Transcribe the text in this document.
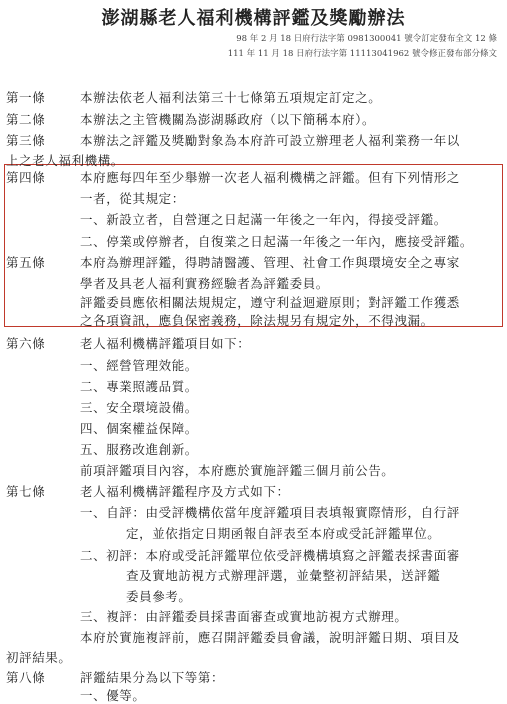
澎湖縣老人福利機構評鑑及獎勵辦法
98 年 2 月 18 日府行法字第 0981300041 號令訂定發布全文 12 條
111 年 11 月 18 日府行法字第 11113041962 號令修正發布部分條文
第一條	本辦法依老人福利法第三十七條第五項規定訂定之。
第二條	本辦法之主管機關為澎湖縣政府（以下簡稱本府）。
第三條	本辦法之評鑑及獎勵對象為本府許可設立辦理老人福利業務一年以
上之老人福利機構。
第四條	本府應每四年至少舉辦一次老人福利機構之評鑑。但有下列情形之
一者，從其規定：
一、新設立者，自營運之日起滿一年後之一年內，得接受評鑑。
二、停業或停辦者，自復業之日起滿一年後之一年內，應接受評鑑。
第五條	本府為辦理評鑑，得聘請醫護、管理、社會工作與環境安全之專家
學者及具老人福利實務經驗者為評鑑委員。
評鑑委員應依相關法規規定，遵守利益迴避原則；對評鑑工作獲悉
之各項資訊，應負保密義務，除法規另有規定外，不得洩漏。
第六條	老人福利機構評鑑項目如下：
一、經營管理效能。
二、專業照護品質。
三、安全環境設備。
四、個案權益保障。
五、服務改進創新。
前項評鑑項目內容，本府應於實施評鑑三個月前公告。
第七條	老人福利機構評鑑程序及方式如下：
一、自評：由受評機構依當年度評鑑項目表填報實際情形，自行評
定，並依指定日期函報自評表至本府或受託評鑑單位。
二、初評：本府或受託評鑑單位依受評機構填寫之評鑑表採書面審
查及實地訪視方式辦理評選，並彙整初評結果，送評鑑
委員參考。
三、複評：由評鑑委員採書面審查或實地訪視方式辦理。
本府於實施複評前，應召開評鑑委員會議，說明評鑑日期、項目及
初評結果。
第八條	評鑑結果分為以下等第：
一、優等。
